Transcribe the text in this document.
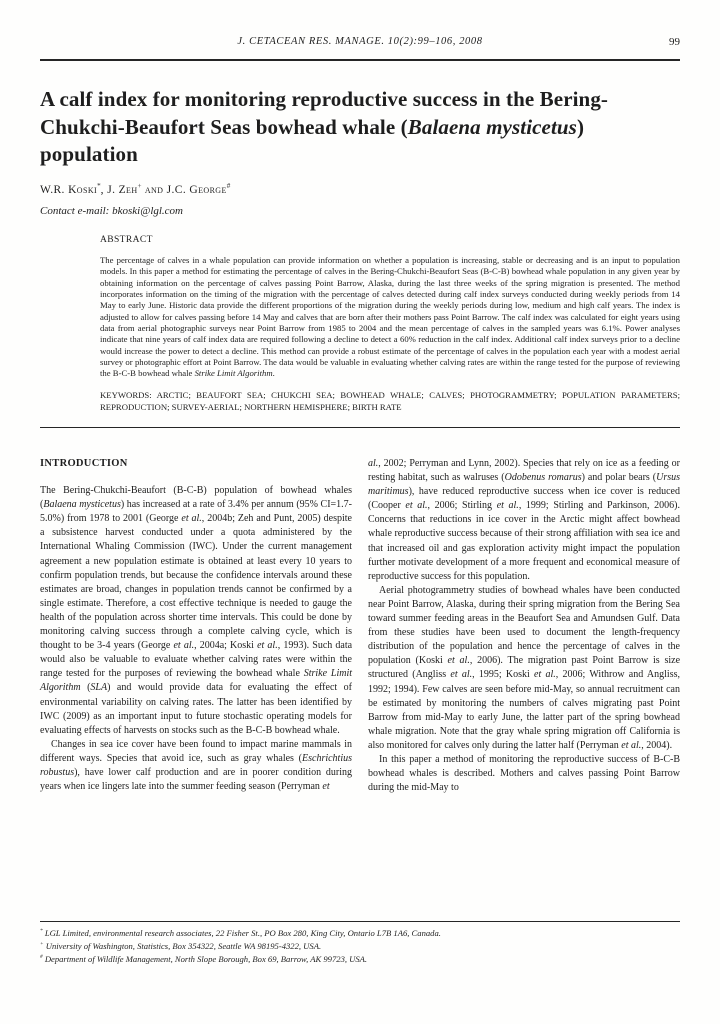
J. CETACEAN RES. MANAGE. 10(2):99–106, 2008	99
A calf index for monitoring reproductive success in the Bering-Chukchi-Beaufort Seas bowhead whale (Balaena mysticetus) population
W.R. Koski*, J. Zeh+ and J.C. George#
Contact e-mail: bkoski@lgl.com
ABSTRACT

The percentage of calves in a whale population can provide information on whether a population is increasing, stable or decreasing and is an input to population models. In this paper a method for estimating the percentage of calves in the Bering-Chukchi-Beaufort Seas (B-C-B) bowhead whale population in any given year by obtaining information on the percentage of calves passing Point Barrow, Alaska, during the last three weeks of the spring migration is presented. The method incorporates information on the timing of the migration with the percentage of calves detected during calf index surveys conducted during weekly periods from 14 May to early June. Historic data provide the different proportions of the migration during the weekly periods during low, medium and high calf years. The index is adjusted to allow for calves passing before 14 May and calves that are born after their mothers pass Point Barrow. The calf index was calculated for eight years using data from aerial photographic surveys near Point Barrow from 1985 to 2004 and the mean percentage of calves in the sampled years was 6.1%. Power analyses indicate that nine years of calf index data are required following a decline to detect a 60% reduction in the calf index. Additional calf index surveys prior to a decline would increase the power to detect a decline. This method can provide a robust estimate of the percentage of calves in the population each year with a modest aerial survey or photographic effort at Point Barrow. The data would be valuable in evaluating whether calving rates are within the range tested for the purpose of reviewing the B-C-B bowhead whale Strike Limit Algorithm.

KEYWORDS: ARCTIC; BEAUFORT SEA; CHUKCHI SEA; BOWHEAD WHALE; CALVES; PHOTOGRAMMETRY; POPULATION PARAMETERS; REPRODUCTION; SURVEY-AERIAL; NORTHERN HEMISPHERE; BIRTH RATE

INTRODUCTION

The Bering-Chukchi-Beaufort (B-C-B) population of bowhead whales (Balaena mysticetus) has increased at a rate of 3.4% per annum (95% CI=1.7-5.0%) from 1978 to 2001 (George et al., 2004b; Zeh and Punt, 2005) despite a subsistence harvest conducted under a quota administered by the International Whaling Commission (IWC). Under the current management agreement a new population estimate is obtained at least every 10 years to confirm population trends, but because the confidence intervals around these estimates are broad, changes in population trends cannot be confirmed by a single estimate. Therefore, a cost effective technique is needed to gauge the health of the population across shorter time intervals. This could be done by monitoring calving success through a complete calving cycle, which is thought to be 3-4 years (George et al., 2004a; Koski et al., 1993). Such data would also be valuable to evaluate whether calving rates were within the range tested for the purposes of reviewing the bowhead whale Strike Limit Algorithm (SLA) and would provide data for evaluating the effect of environmental variability on calving rates. The latter has been identified by IWC (2009) as an important input to future stochastic operating models for evaluating effects of harvests on stocks such as the B-C-B bowhead whale.

Changes in sea ice cover have been found to impact marine mammals in different ways. Species that avoid ice, such as gray whales (Eschrichtius robustus), have lower calf production and are in poorer condition during years when ice lingers late into the summer feeding season (Perryman et

al., 2002; Perryman and Lynn, 2002). Species that rely on ice as a feeding or resting habitat, such as walruses (Odobenus romarus) and polar bears (Ursus maritimus), have reduced reproductive success when ice cover is reduced (Cooper et al., 2006; Stirling et al., 1999; Stirling and Parkinson, 2006). Concerns that reductions in ice cover in the Arctic might affect bowhead whale reproductive success because of their strong affiliation with sea ice and that increased oil and gas exploration activity might impact the population further motivate development of a more frequent and economical measure of reproductive success for this population.

Aerial photogrammetry studies of bowhead whales have been conducted near Point Barrow, Alaska, during their spring migration from the Bering Sea toward summer feeding areas in the Beaufort Sea and Amundsen Gulf. Data from these studies have been used to document the length-frequency distribution of the population and hence the percentage of calves in the population (Koski et al., 2006). The migration past Point Barrow is size structured (Angliss et al., 1995; Koski et al., 2006; Withrow and Angliss, 1992; 1994). Few calves are seen before mid-May, so annual recruitment can be estimated by monitoring the numbers of calves migrating past Point Barrow from mid-May to early June, the latter part of the spring bowhead whale migration. Note that the gray whale spring migration off California is also monitored for calves only during the latter half (Perryman et al., 2004).

In this paper a method of monitoring the reproductive success of B-C-B bowhead whales is described. Mothers and calves passing Point Barrow during the mid-May to

* LGL Limited, environmental research associates, 22 Fisher St., PO Box 280, King City, Ontario L7B 1A6, Canada.
+ University of Washington, Statistics, Box 354322, Seattle WA 98195-4322, USA.
# Department of Wildlife Management, North Slope Borough, Box 69, Barrow, AK 99723, USA.
